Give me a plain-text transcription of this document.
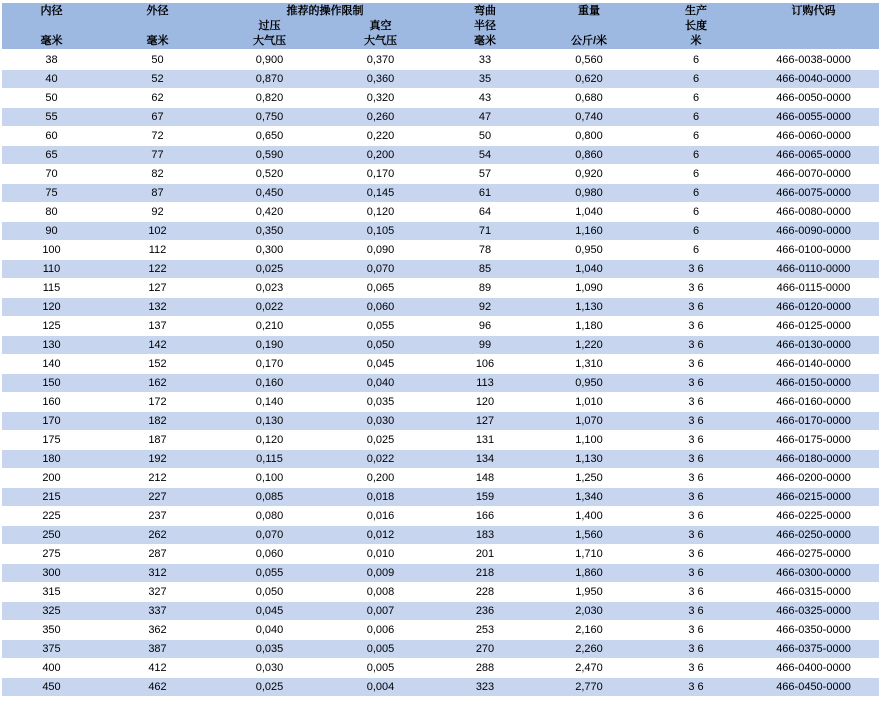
内径	外径	推荐的操作限制		弯曲	重量	生产	订购代码
		过压	真空	半径		长度	
毫米	毫米	大气压	大气压	毫米	公斤/米	米	
38	50	0,900	0,370	33	0,560	6	466-0038-0000
40	52	0,870	0,360	35	0,620	6	466-0040-0000
50	62	0,820	0,320	43	0,680	6	466-0050-0000
55	67	0,750	0,260	47	0,740	6	466-0055-0000
60	72	0,650	0,220	50	0,800	6	466-0060-0000
65	77	0,590	0,200	54	0,860	6	466-0065-0000
70	82	0,520	0,170	57	0,920	6	466-0070-0000
75	87	0,450	0,145	61	0,980	6	466-0075-0000
80	92	0,420	0,120	64	1,040	6	466-0080-0000
90	102	0,350	0,105	71	1,160	6	466-0090-0000
100	112	0,300	0,090	78	0,950	6	466-0100-0000
110	122	0,025	0,070	85	1,040	3 6	466-0110-0000
115	127	0,023	0,065	89	1,090	3 6	466-0115-0000
120	132	0,022	0,060	92	1,130	3 6	466-0120-0000
125	137	0,210	0,055	96	1,180	3 6	466-0125-0000
130	142	0,190	0,050	99	1,220	3 6	466-0130-0000
140	152	0,170	0,045	106	1,310	3 6	466-0140-0000
150	162	0,160	0,040	113	0,950	3 6	466-0150-0000
160	172	0,140	0,035	120	1,010	3 6	466-0160-0000
170	182	0,130	0,030	127	1,070	3 6	466-0170-0000
175	187	0,120	0,025	131	1,100	3 6	466-0175-0000
180	192	0,115	0,022	134	1,130	3 6	466-0180-0000
200	212	0,100	0,200	148	1,250	3 6	466-0200-0000
215	227	0,085	0,018	159	1,340	3 6	466-0215-0000
225	237	0,080	0,016	166	1,400	3 6	466-0225-0000
250	262	0,070	0,012	183	1,560	3 6	466-0250-0000
275	287	0,060	0,010	201	1,710	3 6	466-0275-0000
300	312	0,055	0,009	218	1,860	3 6	466-0300-0000
315	327	0,050	0,008	228	1,950	3 6	466-0315-0000
325	337	0,045	0,007	236	2,030	3 6	466-0325-0000
350	362	0,040	0,006	253	2,160	3 6	466-0350-0000
375	387	0,035	0,005	270	2,260	3 6	466-0375-0000
400	412	0,030	0,005	288	2,470	3 6	466-0400-0000
450	462	0,025	0,004	323	2,770	3 6	466-0450-0000
